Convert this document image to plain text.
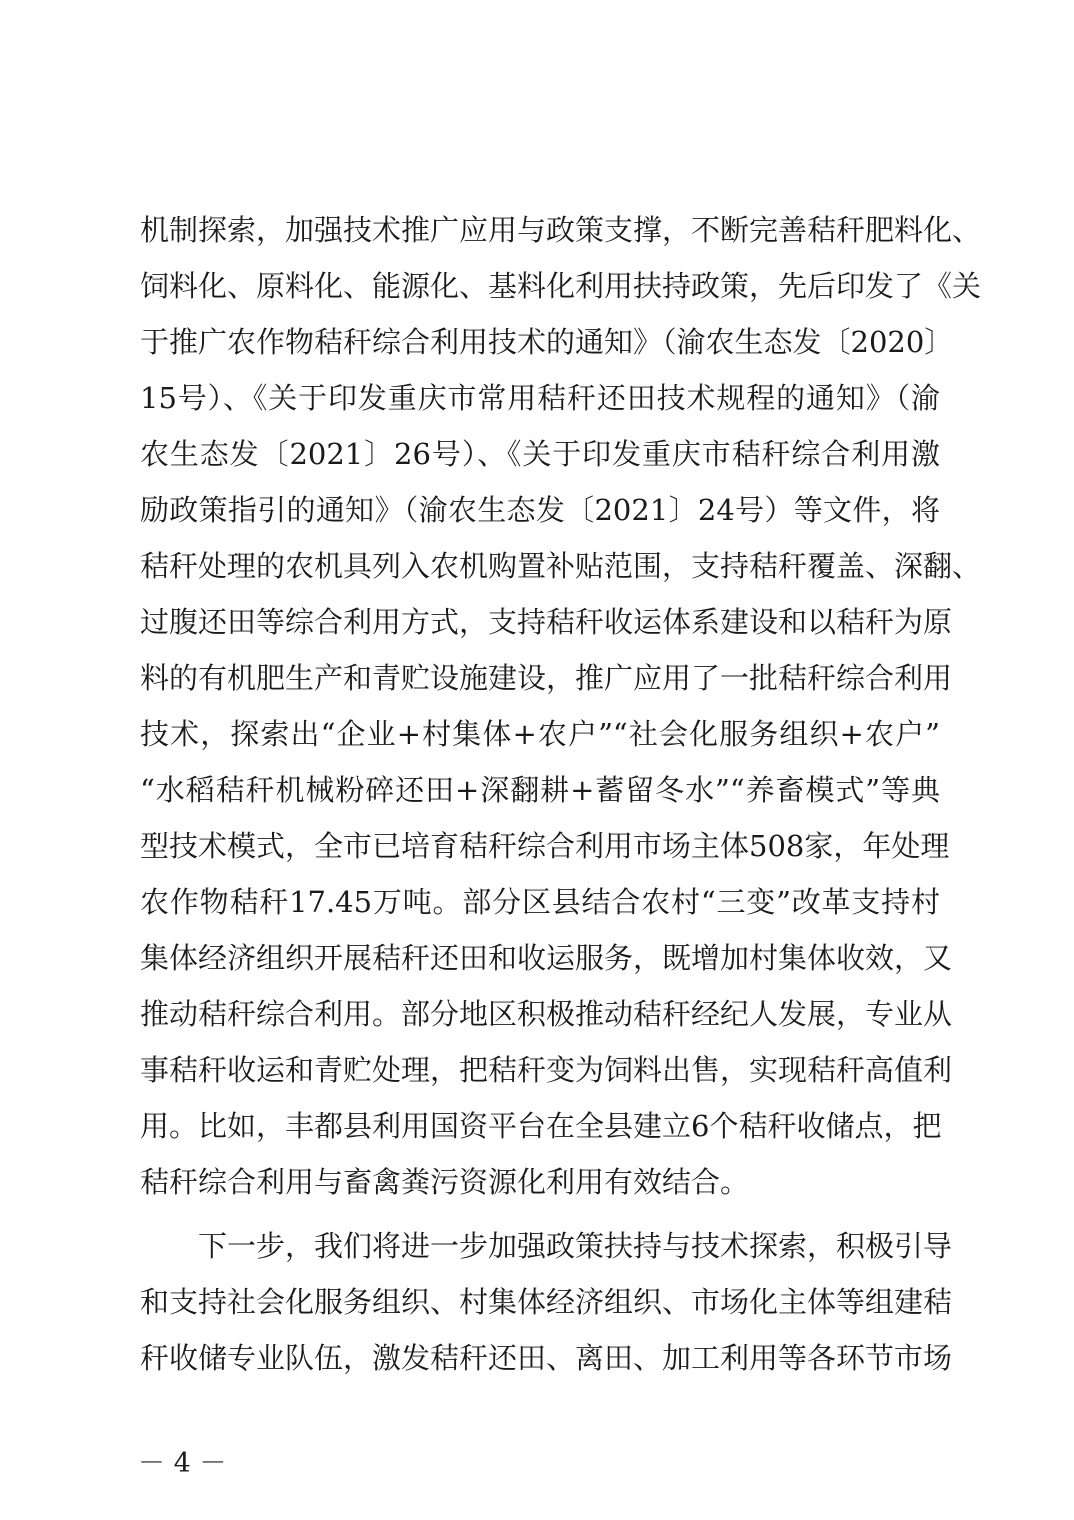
机制探索，加强技术推广应用与政策支撑，不断完善秸秆肥料化、
饲料化、原料化、能源化、基料化利用扶持政策，先后印发了《关
于推广农作物秸秆综合利用技术的通知》（渝农生态发〔2020〕
15号）、《关于印发重庆市常用秸秆还田技术规程的通知》（渝
农生态发〔2021〕26号）、《关于印发重庆市秸秆综合利用激
励政策指引的通知》（渝农生态发〔2021〕24号）等文件，将
秸秆处理的农机具列入农机购置补贴范围，支持秸秆覆盖、深翻、
过腹还田等综合利用方式，支持秸秆收运体系建设和以秸秆为原
料的有机肥生产和青贮设施建设，推广应用了一批秸秆综合利用
技术，探索出“企业+村集体+农户”“社会化服务组织+农户”
“水稻秸秆机械粉碎还田+深翻耕+蓄留冬水”“养畜模式”等典
型技术模式，全市已培育秸秆综合利用市场主体508家，年处理
农作物秸秆17.45万吨。部分区县结合农村“三变”改革支持村
集体经济组织开展秸秆还田和收运服务，既增加村集体收效，又
推动秸秆综合利用。部分地区积极推动秸秆经纪人发展，专业从
事秸秆收运和青贮处理，把秸秆变为饲料出售，实现秸秆高值利
用。比如，丰都县利用国资平台在全县建立6个秸秆收储点，把
秸秆综合利用与畜禽粪污资源化利用有效结合。
下一步，我们将进一步加强政策扶持与技术探索，积极引导
和支持社会化服务组织、村集体经济组织、市场化主体等组建秸
秆收储专业队伍，激发秸秆还田、离田、加工利用等各环节市场
－ 4 －
